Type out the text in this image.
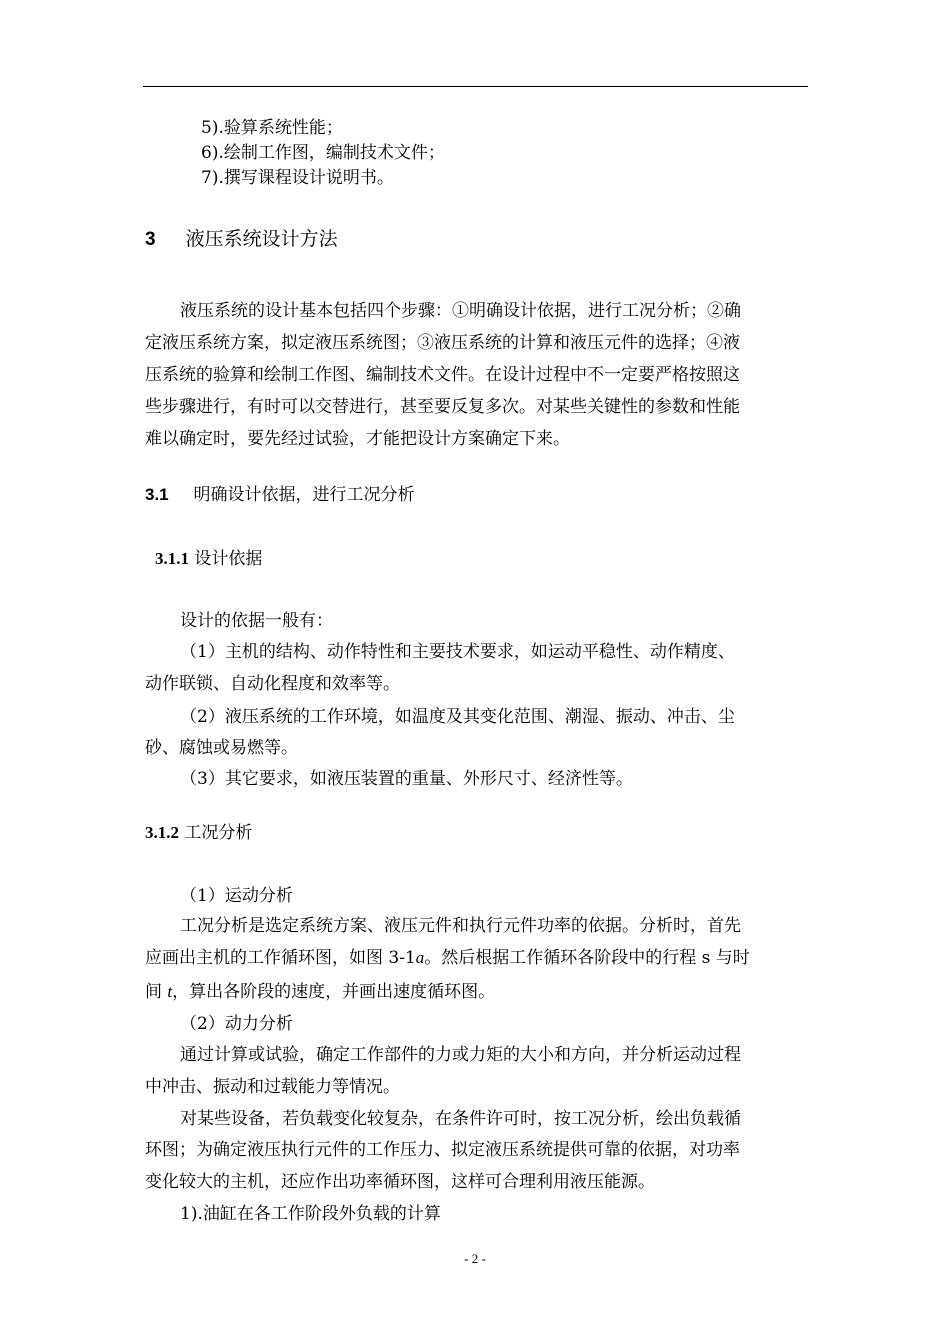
5).验算系统性能；
6).绘制工作图，编制技术文件；
7).撰写课程设计说明书。
3 液压系统设计方法
液压系统的设计基本包括四个步骤：①明确设计依据，进行工况分析；②确
定液压系统方案，拟定液压系统图；③液压系统的计算和液压元件的选择；④液
压系统的验算和绘制工作图、编制技术文件。在设计过程中不一定要严格按照这
些步骤进行，有时可以交替进行，甚至要反复多次。对某些关键性的参数和性能
难以确定时，要先经过试验，才能把设计方案确定下来。
3.1 明确设计依据，进行工况分析
3.1.1 设计依据
设计的依据一般有：
（1）主机的结构、动作特性和主要技术要求，如运动平稳性、动作精度、
动作联锁、自动化程度和效率等。
（2）液压系统的工作环境，如温度及其变化范围、潮湿、振动、冲击、尘
砂、腐蚀或易燃等。
（3）其它要求，如液压装置的重量、外形尺寸、经济性等。
3.1.2 工况分析
（1）运动分析
工况分析是选定系统方案、液压元件和执行元件功率的依据。分析时，首先
应画出主机的工作循环图，如图 3-1a。然后根据工作循环各阶段中的行程 s 与时
间 t，算出各阶段的速度，并画出速度循环图。
（2）动力分析
通过计算或试验，确定工作部件的力或力矩的大小和方向，并分析运动过程
中冲击、振动和过载能力等情况。
对某些设备，若负载变化较复杂，在条件许可时，按工况分析，绘出负载循
环图；为确定液压执行元件的工作压力、拟定液压系统提供可靠的依据，对功率
变化较大的主机，还应作出功率循环图，这样可合理利用液压能源。
1).油缸在各工作阶段外负载的计算
- 2 -
